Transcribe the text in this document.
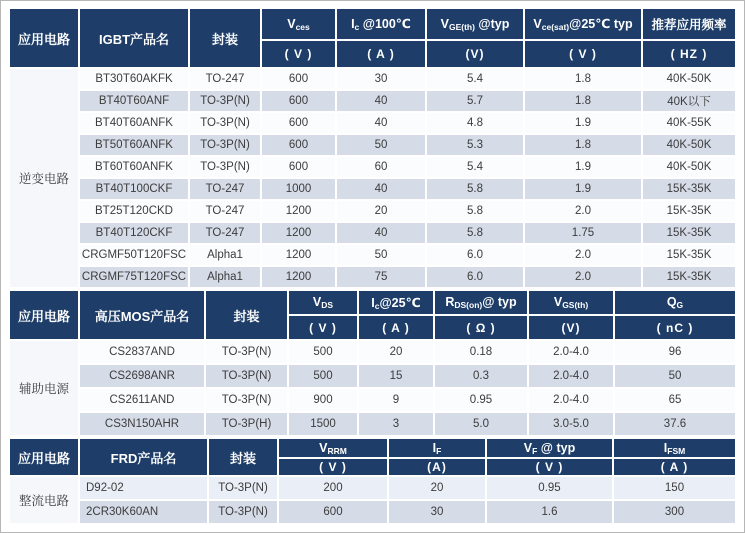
应用电路	IGBT产品名	封装	$V_{ces}$	$I_c$ @100℃	$V_{GE(th)}$ @typ	$V_{ce(sat)}@25℃$ typ	推荐应用频率
			( V )	( A )	(V)	( V )	( HZ )
逆变电路	BT30T60AKFK	TO-247	600	30	5.4	1.8	40K-50K
	BT40T60ANF	TO-3P(N)	600	40	5.7	1.8	40K以下
	BT40T60ANFK	TO-3P(N)	600	40	4.8	1.9	40K-55K
	BT50T60ANFK	TO-3P(N)	600	50	5.3	1.8	40K-50K
	BT60T60ANFK	TO-3P(N)	600	60	5.4	1.9	40K-50K
	BT40T100CKF	TO-247	1000	40	5.8	1.9	15K-35K
	BT25T120CKD	TO-247	1200	20	5.8	2.0	15K-35K
	BT40T120CKF	TO-247	1200	40	5.8	1.75	15K-35K
	CRGMF50T120FSC	Alpha1	1200	50	6.0	2.0	15K-35K
	CRGMF75T120FSC	Alpha1	1200	75	6.0	2.0	15K-35K
应用电路	高压MOS产品名	封装	$V_{DS}$	$I_c@25℃$	$R_{DS(on)}@$ typ	$V_{GS(th)}$	$Q_G$
			( V )	( A )	( Ω )	(V)	( nC )
辅助电源	CS2837AND	TO-3P(N)	500	20	0.18	2.0-4.0	96
	CS2698ANR	TO-3P(N)	500	15	0.3	2.0-4.0	50
	CS2611AND	TO-3P(N)	900	9	0.95	2.0-4.0	65
	CS3N150AHR	TO-3P(H)	1500	3	5.0	3.0-5.0	37.6
应用电路	FRD产品名	封装	$V_{RRM}$	$I_F$	$V_F$ @ typ	$I_{FSM}$
			( V )	(A)	( V )	( A )
整流电路	D92-02	TO-3P(N)	200	20	0.95	150
	2CR30K60AN	TO-3P(N)	600	30	1.6	300
